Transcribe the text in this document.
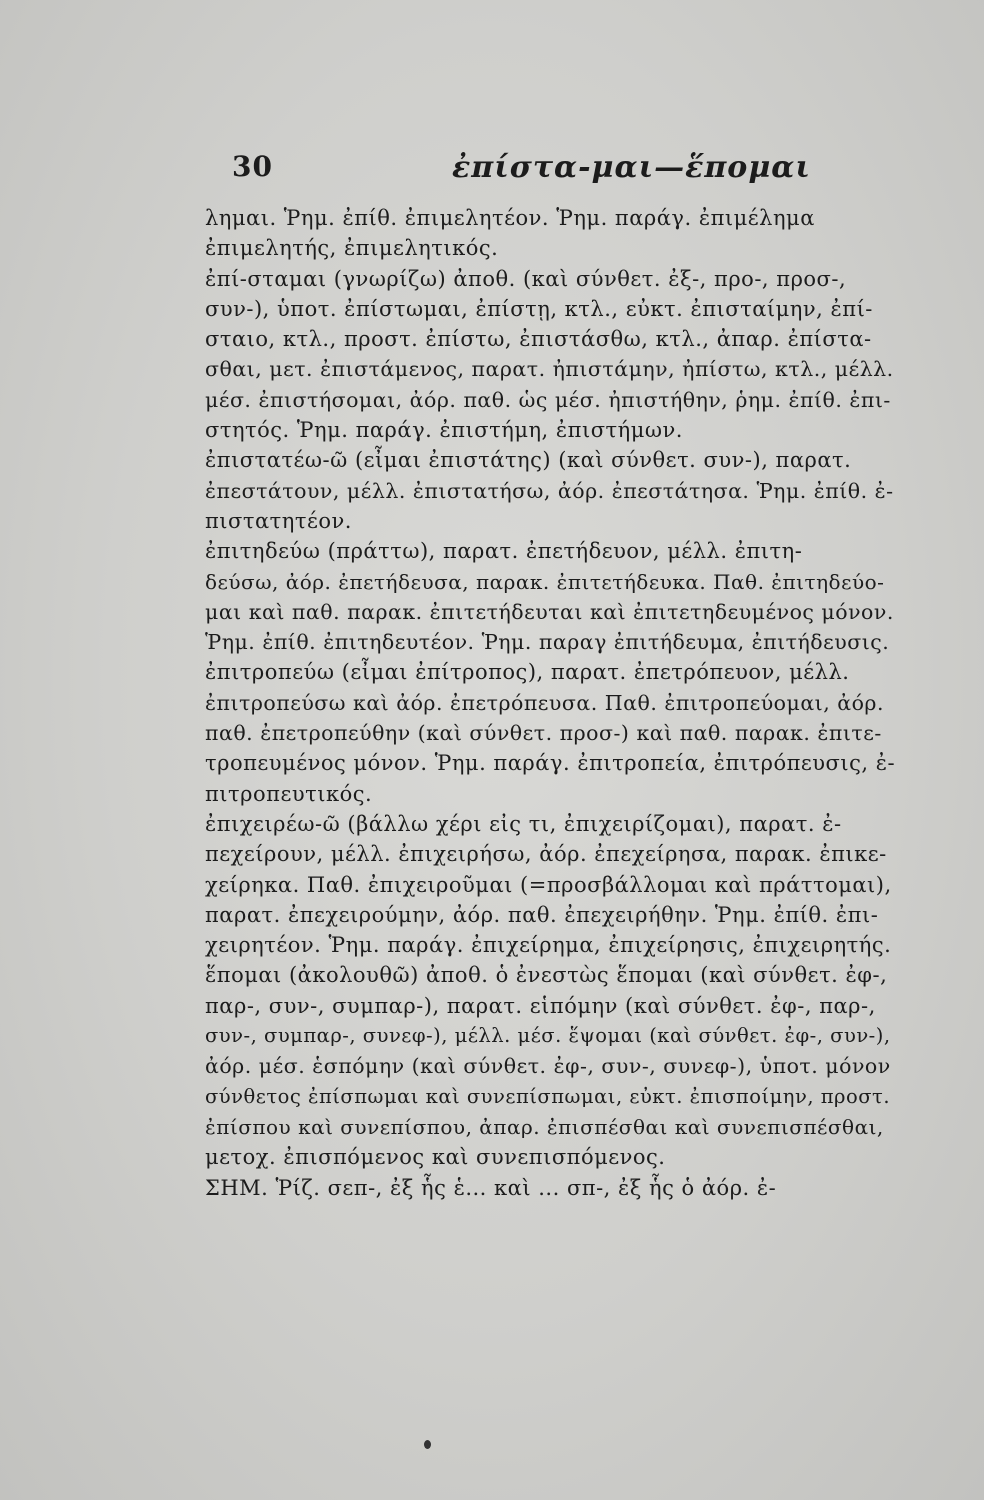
30	ἐπίστα-μαι—ἕπομαι
λημαι. Ῥημ. ἐπίθ. ἐπιμελητέον. Ῥημ. παράγ. ἐπιμέλημα
ἐπιμελητής, ἐπιμελητικός.
ἐπί-σταμαι (γνωρίζω) ἀποθ. (καὶ σύνθετ. ἐξ-, προ-, προσ-,
συν-), ὑποτ. ἐπίστωμαι, ἐπίστῃ, κτλ., εὐκτ. ἐπισταίμην, ἐπί-
σταιο, κτλ., προστ. ἐπίστω, ἐπιστάσθω, κτλ., ἀπαρ. ἐπίστα-
σθαι, μετ. ἐπιστάμενος, παρατ. ἠπιστάμην, ἠπίστω, κτλ., μέλλ.
μέσ. ἐπιστήσομαι, ἀόρ. παθ. ὡς μέσ. ἠπιστήθην, ῥημ. ἐπίθ. ἐπι-
στητός. Ῥημ. παράγ. ἐπιστήμη, ἐπιστήμων.
ἐπιστατέω-ῶ (εἶμαι ἐπιστάτης) (καὶ σύνθετ. συν-), παρατ.
ἐπεστάτουν, μέλλ. ἐπιστατήσω, ἀόρ. ἐπεστάτησα. Ῥημ. ἐπίθ. ἐ-
πιστατητέον.
ἐπιτηδεύω (πράττω), παρατ. ἐπετήδευον, μέλλ. ἐπιτη-
δεύσω, ἀόρ. ἐπετήδευσα, παρακ. ἐπιτετήδευκα. Παθ. ἐπιτηδεύο-
μαι καὶ παθ. παρακ. ἐπιτετήδευται καὶ ἐπιτετηδευμένος μόνον.
Ῥημ. ἐπίθ. ἐπιτηδευτέον. Ῥημ. παραγ ἐπιτήδευμα, ἐπιτήδευσις.
ἐπιτροπεύω (εἶμαι ἐπίτροπος), παρατ. ἐπετρόπευον, μέλλ.
ἐπιτροπεύσω καὶ ἀόρ. ἐπετρόπευσα. Παθ. ἐπιτροπεύομαι, ἀόρ.
παθ. ἐπετροπεύθην (καὶ σύνθετ. προσ-) καὶ παθ. παρακ. ἐπιτε-
τροπευμένος μόνον. Ῥημ. παράγ. ἐπιτροπεία, ἐπιτρόπευσις, ἐ-
πιτροπευτικός.
ἐπιχειρέω-ῶ (βάλλω χέρι εἰς τι, ἐπιχειρίζομαι), παρατ. ἐ-
πεχείρουν, μέλλ. ἐπιχειρήσω, ἀόρ. ἐπεχείρησα, παρακ. ἐπικε-
χείρηκα. Παθ. ἐπιχειροῦμαι (=προσβάλλομαι καὶ πράττομαι),
παρατ. ἐπεχειρούμην, ἀόρ. παθ. ἐπεχειρήθην. Ῥημ. ἐπίθ. ἐπι-
χειρητέον. Ῥημ. παράγ. ἐπιχείρημα, ἐπιχείρησις, ἐπιχειρητής.
ἕπομαι (ἀκολουθῶ) ἀποθ. ὁ ἐνεστὼς ἕπομαι (καὶ σύνθετ. ἐφ-,
παρ-, συν-, συμπαρ-), παρατ. εἱπόμην (καὶ σύνθετ. ἐφ-, παρ-,
συν-, συμπαρ-, συνεφ-), μέλλ. μέσ. ἕψομαι (καὶ σύνθετ. ἐφ-, συν-),
ἀόρ. μέσ. ἑσπόμην (καὶ σύνθετ. ἐφ-, συν-, συνεφ-), ὑποτ. μόνον
σύνθετος ἐπίσπωμαι καὶ συνεπίσπωμαι, εὐκτ. ἐπισποίμην, προστ.
ἐπίσπου καὶ συνεπίσπου, ἀπαρ. ἐπισπέσθαι καὶ συνεπισπέσθαι,
μετοχ. ἐπισπόμενος καὶ συνεπισπόμενος.
ΣΗΜ. Ῥίζ. σεπ-, ἐξ ἧς ἑ... καὶ ... σπ-, ἐξ ἧς ὁ ἀόρ. ἐ-
